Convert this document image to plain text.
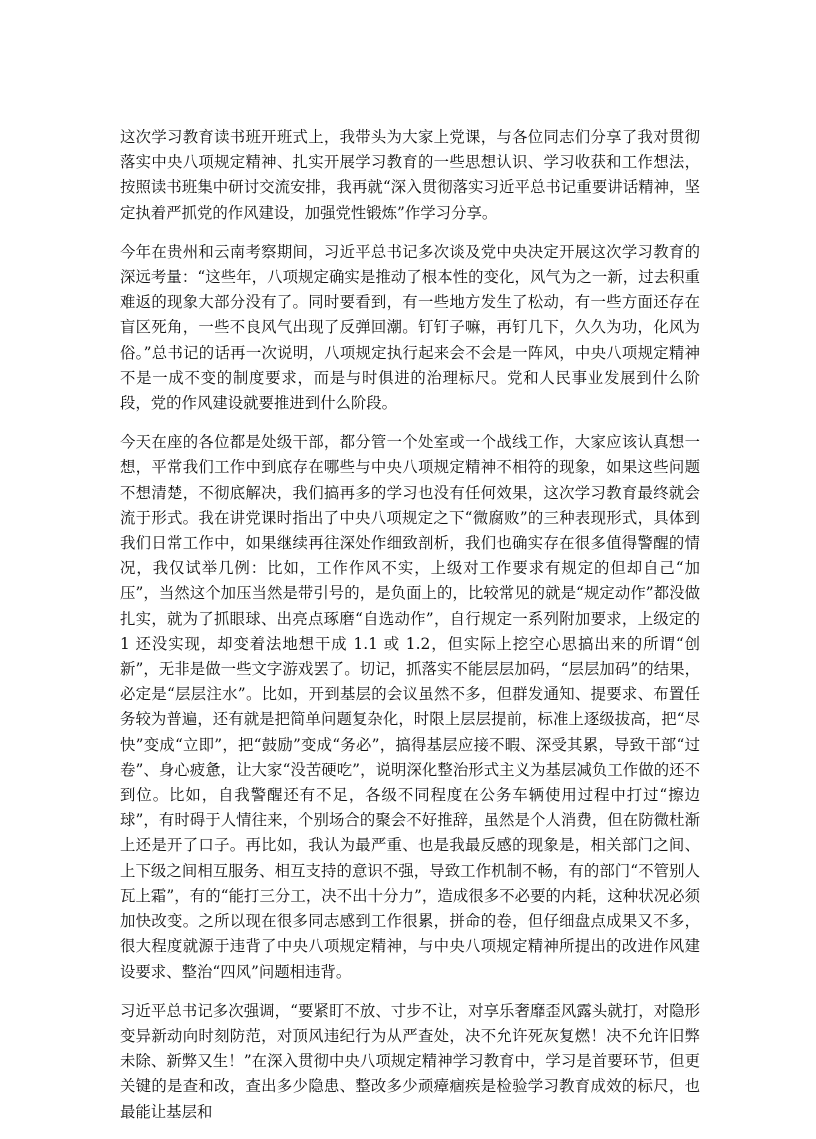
这次学习教育读书班开班式上，我带头为大家上党课，与各位同志们分享了我对贯彻落实中央八项规定精神、扎实开展学习教育的一些思想认识、学习收获和工作想法，按照读书班集中研讨交流安排，我再就“深入贯彻落实习近平总书记重要讲话精神，坚定执着严抓党的作风建设，加强党性锻炼”作学习分享。

今年在贵州和云南考察期间，习近平总书记多次谈及党中央决定开展这次学习教育的深远考量：“这些年，八项规定确实是推动了根本性的变化，风气为之一新，过去积重难返的现象大部分没有了。同时要看到，有一些地方发生了松动，有一些方面还存在盲区死角，一些不良风气出现了反弹回潮。钉钉子嘛，再钉几下，久久为功，化风为俗。”总书记的话再一次说明，八项规定执行起来会不会是一阵风，中央八项规定精神不是一成不变的制度要求，而是与时俱进的治理标尺。党和人民事业发展到什么阶段，党的作风建设就要推进到什么阶段。

今天在座的各位都是处级干部，都分管一个处室或一个战线工作，大家应该认真想一想，平常我们工作中到底存在哪些与中央八项规定精神不相符的现象，如果这些问题不想清楚，不彻底解决，我们搞再多的学习也没有任何效果，这次学习教育最终就会流于形式。我在讲党课时指出了中央八项规定之下“微腐败”的三种表现形式，具体到我们日常工作中，如果继续再往深处作细致剖析，我们也确实存在很多值得警醒的情况，我仅试举几例：比如，工作作风不实，上级对工作要求有规定的但却自己“加压”，当然这个加压当然是带引号的，是负面上的，比较常见的就是“规定动作”都没做扎实，就为了抓眼球、出亮点琢磨“自选动作”，自行规定一系列附加要求，上级定的 1 还没实现，却变着法地想干成 1.1 或 1.2，但实际上挖空心思搞出来的所谓“创新”，无非是做一些文字游戏罢了。切记，抓落实不能层层加码，“层层加码”的结果，必定是“层层注水”。比如，开到基层的会议虽然不多，但群发通知、提要求、布置任务较为普遍，还有就是把简单问题复杂化，时限上层层提前，标准上逐级拔高，把“尽快”变成“立即”，把“鼓励”变成“务必”，搞得基层应接不暇、深受其累，导致干部“过卷”、身心疲惫，让大家“没苦硬吃”，说明深化整治形式主义为基层减负工作做的还不到位。比如，自我警醒还有不足，各级不同程度在公务车辆使用过程中打过“擦边球”，有时碍于人情往来，个别场合的聚会不好推辞，虽然是个人消费，但在防微杜渐上还是开了口子。再比如，我认为最严重、也是我最反感的现象是，相关部门之间、上下级之间相互服务、相互支持的意识不强，导致工作机制不畅，有的部门“不管别人瓦上霜”，有的“能打三分工，决不出十分力”，造成很多不必要的内耗，这种状况必须加快改变。之所以现在很多同志感到工作很累，拼命的卷，但仔细盘点成果又不多，很大程度就源于违背了中央八项规定精神，与中央八项规定精神所提出的改进作风建设要求、整治“四风”问题相违背。

习近平总书记多次强调，“要紧盯不放、寸步不让，对享乐奢靡歪风露头就打，对隐形变异新动向时刻防范，对顶风违纪行为从严查处，决不允许死灰复燃！决不允许旧弊未除、新弊又生！”在深入贯彻中央八项规定精神学习教育中，学习是首要环节，但更关键的是查和改，查出多少隐患、整改多少顽瘴痼疾是检验学习教育成效的标尺，也最能让基层和
